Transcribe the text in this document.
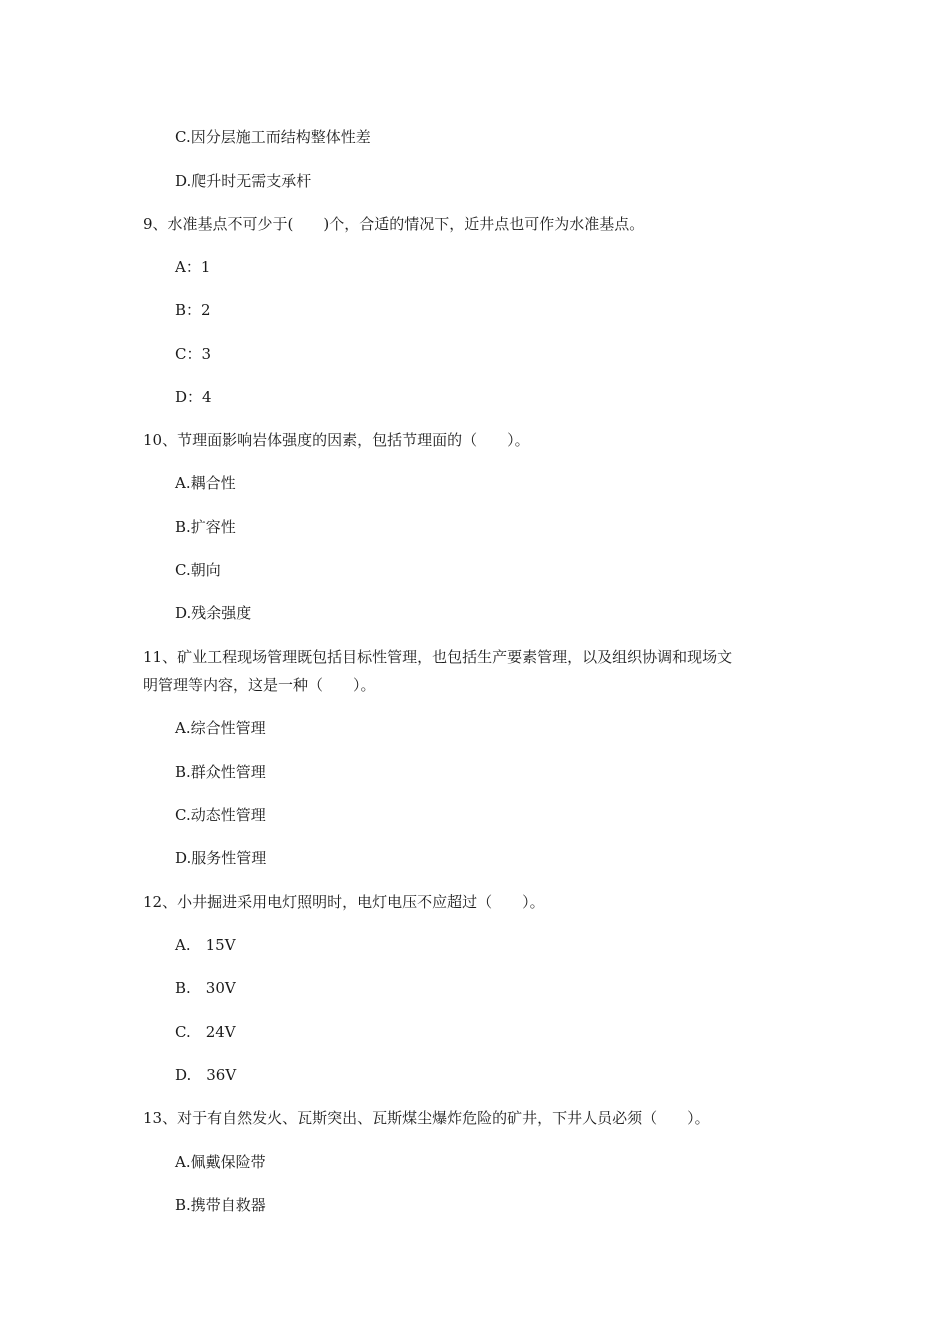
C.因分层施工而结构整体性差
D.爬升时无需支承杆
9、水准基点不可少于(　　)个，合适的情况下，近井点也可作为水准基点。
A：1
B：2
C：3
D：4
10、节理面影响岩体强度的因素，包括节理面的（　　）。
A.耦合性
B.扩容性
C.朝向
D.残余强度
11、矿业工程现场管理既包括目标性管理，也包括生产要素管理，以及组织协调和现场文
明管理等内容，这是一种（　　）。
A.综合性管理
B.群众性管理
C.动态性管理
D.服务性管理
12、小井掘进采用电灯照明时，电灯电压不应超过（　　）。
A.　15V
B.　30V
C.　24V
D.　36V
13、对于有自然发火、瓦斯突出、瓦斯煤尘爆炸危险的矿井，下井人员必须（　　）。
A.佩戴保险带
B.携带自救器
